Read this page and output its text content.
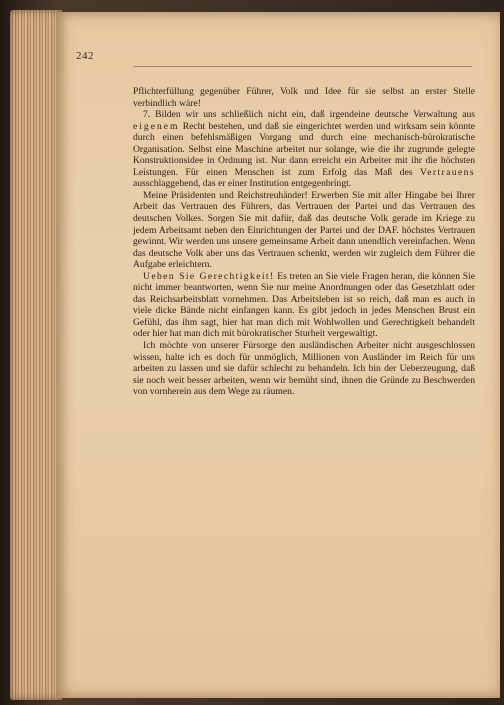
242

Pflichterfüllung gegenüber Führer, Volk und Idee für sie selbst an erster Stelle verbindlich wäre!

7. Bilden wir uns schließlich nicht ein, daß irgendeine deutsche Verwaltung aus eigenem Recht bestehen, und daß sie eingerichtet werden und wirksam sein könnte durch einen befehlsmäßigen Vorgang und durch eine mechanisch-bürokratische Organisation. Selbst eine Maschine arbeitet nur solange, wie die ihr zugrunde gelegte Konstruktionsidee in Ordnung ist. Nur dann erreicht ein Arbeiter mit ihr die höchsten Leistungen. Für einen Menschen ist zum Erfolg das Maß des Vertrauens ausschlaggebend, das er einer Institution entgegenbringt.

Meine Präsidenten und Reichstreuhänder! Erwerben Sie mit aller Hingabe bei Ihrer Arbeit das Vertrauen des Führers, das Vertrauen der Partei und das Vertrauen des deutschen Volkes. Sorgen Sie mit dafür, daß das deutsche Volk gerade im Kriege zu jedem Arbeitsamt neben den Einrichtungen der Partei und der DAF. höchstes Vertrauen gewinnt. Wir werden uns unsere gemeinsame Arbeit dann unendlich vereinfachen. Wenn das deutsche Volk aber uns das Vertrauen schenkt, werden wir zugleich dem Führer die Aufgabe erleichtern.

Ueben Sie Gerechtigkeit! Es treten an Sie viele Fragen heran, die können Sie nicht immer beantworten, wenn Sie nur meine Anordnungen oder das Gesetzblatt oder das Reichsarbeitsblatt vornehmen. Das Arbeitsleben ist so reich, daß man es auch in viele dicke Bände nicht einfangen kann. Es gibt jedoch in jedes Menschen Brust ein Gefühl, das ihm sagt, hier hat man dich mit Wohlwollen und Gerechtigkeit behandelt oder hier hat man dich mit bürokratischer Sturheit vergewaltigt.

Ich möchte von unserer Fürsorge den ausländischen Arbeiter nicht ausgeschlossen wissen, halte ich es doch für unmöglich, Millionen von Ausländer im Reich für uns arbeiten zu lassen und sie dafür schlecht zu behandeln. Ich bin der Ueberzeugung, daß sie noch weit besser arbeiten, wenn wir bemüht sind, ihnen die Gründe zu Beschwerden von vornherein aus dem Wege zu räumen.
